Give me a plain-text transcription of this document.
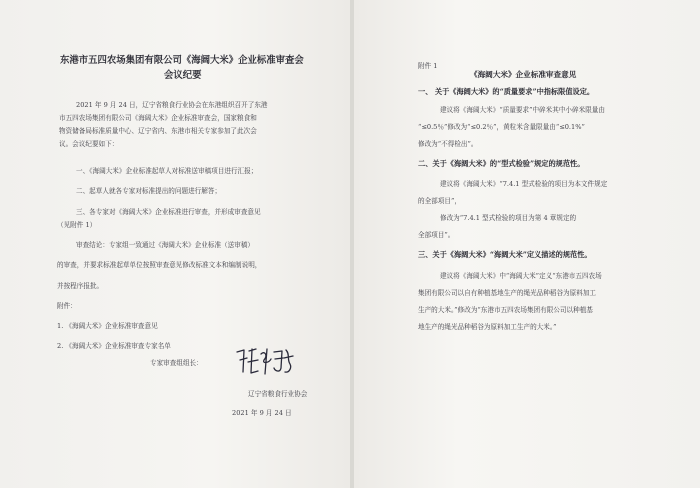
东港市五四农场集团有限公司《海阔大米》企业标准审查会
会议纪要
2021 年 9 月 24 日，辽宁省粮食行业协会在东港组织召开了东港
市五四农场集团有限公司《海阔大米》企业标准审查会，国家粮食和
物资储备局标准质量中心、辽宁省内、东港市相关专家参加了此次会
议。会议纪要如下：
一、《海阔大米》企业标准起草人对标准送审稿项目进行汇报；
二、起草人就各专家对标准提出的问题进行解答；
三、各专家对《海阔大米》企业标准进行审查，并形成审查意见
（见附件 1）
审查结论：专家组一致通过《海阔大米》企业标准（送审稿）
的审查，并要求标准起草单位按照审查意见修改标准文本和编制说明，
并按程序报批。
附件：
1. 《海阔大米》企业标准审查意见
2. 《海阔大米》企业标准审查专家名单
专家审查组组长：
辽宁省粮食行业协会
2021 年 9 月 24 日
附件 1
《海阔大米》企业标准审查意见
一、 关于《海阔大米》的“质量要求”中指标限值设定。
建议将《海阔大米》“质量要求”中碎米其中小碎米限量由
“≤0.5％”修改为“≤0.2％”，黄粒米含量限量由“≤0.1%”
修改为“不得检出”。
二、关于《海阔大米》的“型式检验”规定的规范性。
建议将《海阔大米》“7.4.1 型式检验的项目为本文件规定
的全部项目”，
修改为“7.4.1 型式检验的项目为第 4 章规定的
全部项目”。
三、关于《海阔大米》“海阔大米”定义描述的规范性。
建议将《海阔大米》中“海阔大米”定义“东港市五四农场
集团有限公司以自有种植基地生产的绳光品种稻谷为原料加工
生产的大米。”修改为“东港市五四农场集团有限公司以种植基
地生产的绳光品种稻谷为原料加工生产的大米。”
